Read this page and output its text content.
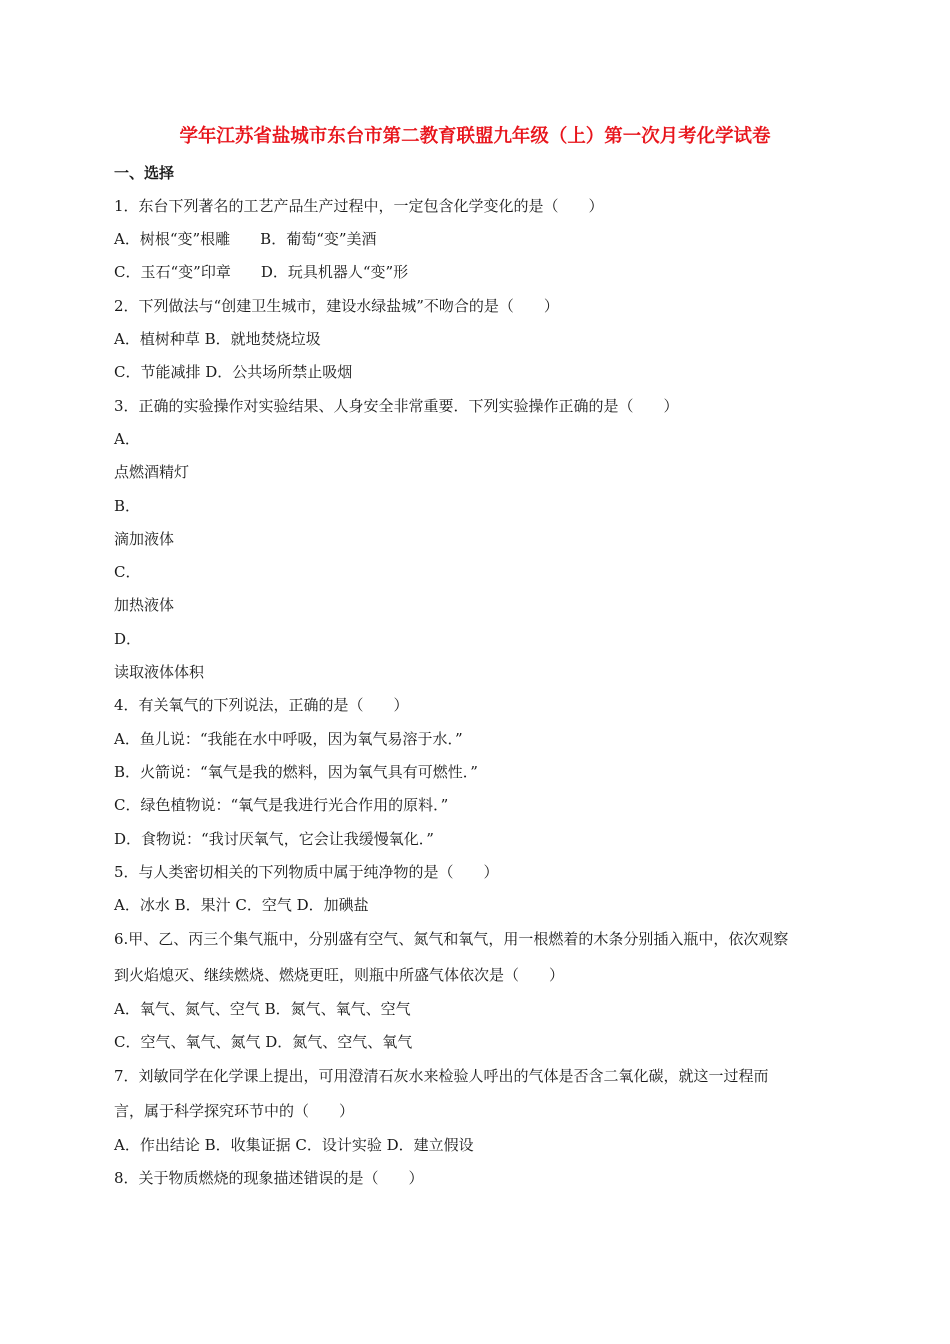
学年江苏省盐城市东台市第二教育联盟九年级（上）第一次月考化学试卷
一、选择
1．东台下列著名的工艺产品生产过程中，一定包含化学变化的是（　　）
A．树根“变”根雕　　B．葡萄“变”美酒
C．玉石“变”印章　　D．玩具机器人“变”形
2．下列做法与“创建卫生城市，建设水绿盐城”不吻合的是（　　）
A．植树种草 B．就地焚烧垃圾
C．节能减排 D．公共场所禁止吸烟
3．正确的实验操作对实验结果、人身安全非常重要．下列实验操作正确的是（　　）
A．
点燃酒精灯
B．
滴加液体
C．
加热液体
D．
读取液体体积
4．有关氧气的下列说法，正确的是（　　）
A．鱼儿说：“我能在水中呼吸，因为氧气易溶于水．”
B．火箭说：“氧气是我的燃料，因为氧气具有可燃性．”
C．绿色植物说：“氧气是我进行光合作用的原料．”
D．食物说：“我讨厌氧气，它会让我缓慢氧化．”
5．与人类密切相关的下列物质中属于纯净物的是（　　）
A．冰水 B．果汁 C．空气 D．加碘盐
6.甲、乙、丙三个集气瓶中，分别盛有空气、氮气和氧气，用一根燃着的木条分别插入瓶中，依次观察
到火焰熄灭、继续燃烧、燃烧更旺，则瓶中所盛气体依次是（　　）
A．氧气、氮气、空气 B．氮气、氧气、空气
C．空气、氧气、氮气 D．氮气、空气、氧气
7．刘敏同学在化学课上提出，可用澄清石灰水来检验人呼出的气体是否含二氧化碳，就这一过程而
言，属于科学探究环节中的（　　）
A．作出结论 B．收集证据 C．设计实验 D．建立假设
8．关于物质燃烧的现象描述错误的是（　　）
